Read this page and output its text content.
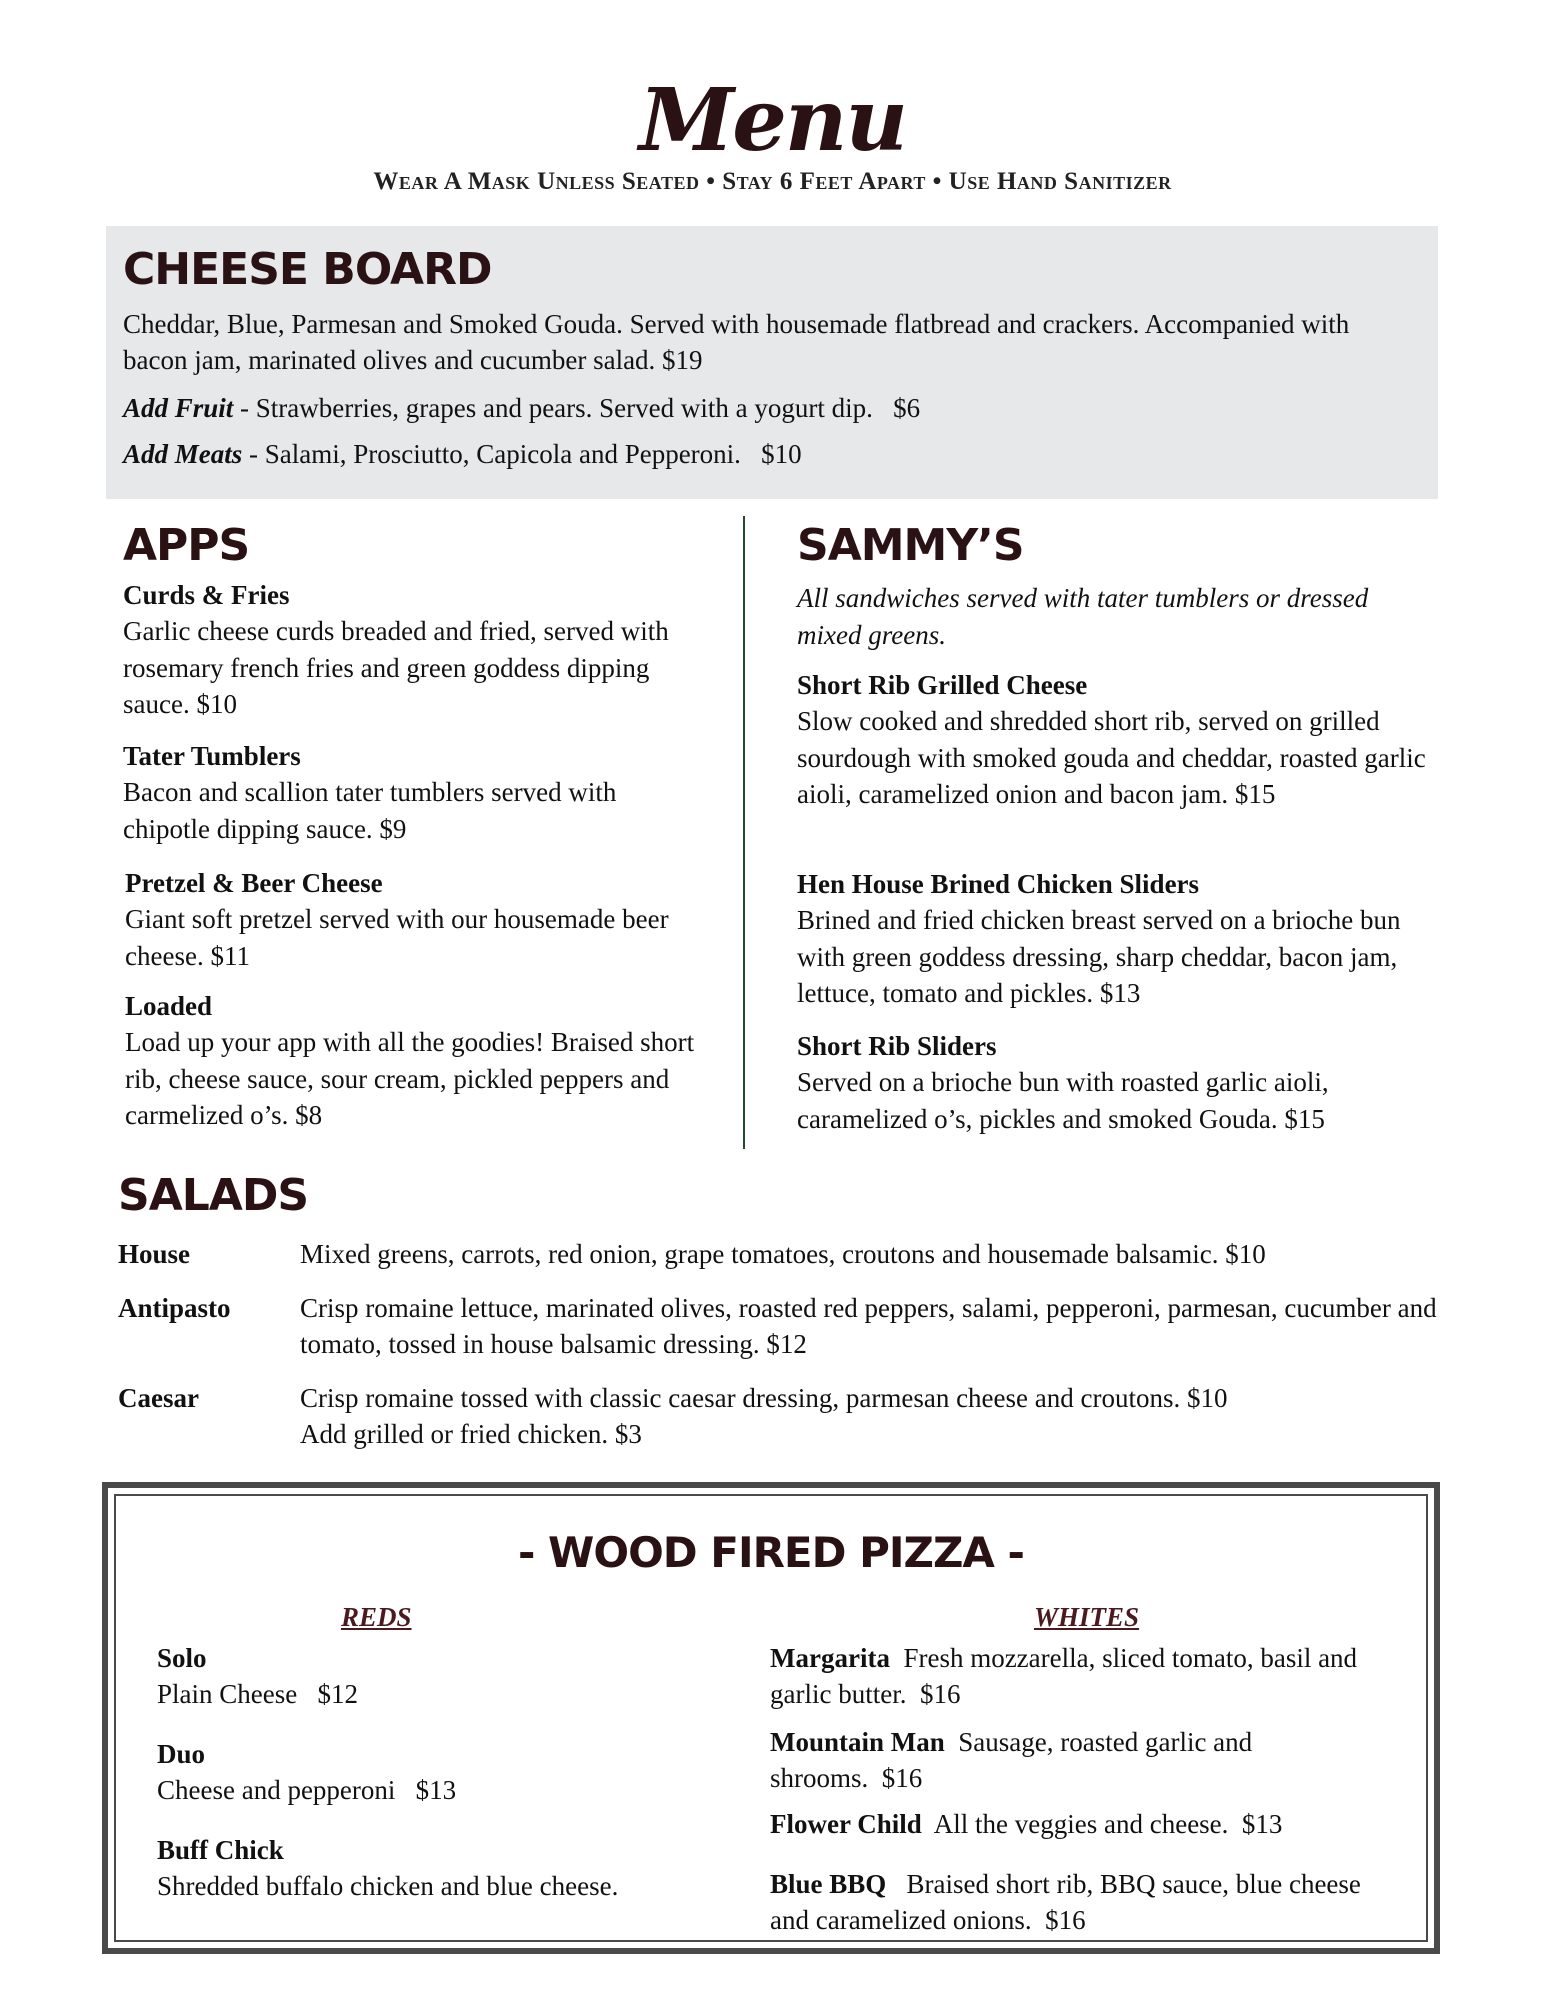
Menu
Wear A Mask Unless Seated • Stay 6 Feet Apart • Use Hand Sanitizer
CHEESE BOARD
Cheddar, Blue, Parmesan and Smoked Gouda. Served with housemade flatbread and crackers. Accompanied with bacon jam, marinated olives and cucumber salad. $19
Add Fruit - Strawberries, grapes and pears. Served with a yogurt dip.   $6
Add Meats - Salami, Prosciutto, Capicola and Pepperoni.   $10
APPS
Curds & Fries
Garlic cheese curds breaded and fried, served with rosemary french fries and green goddess dipping sauce. $10
Tater Tumblers
Bacon and scallion tater tumblers served with chipotle dipping sauce. $9
Pretzel & Beer Cheese
Giant soft pretzel served with our housemade beer cheese. $11
Loaded
Load up your app with all the goodies! Braised short rib, cheese sauce, sour cream, pickled peppers and carmelized o’s. $8
SAMMY’S
All sandwiches served with tater tumblers or dressed mixed greens.
Short Rib Grilled Cheese
Slow cooked and shredded short rib, served on grilled sourdough with smoked gouda and cheddar, roasted garlic aioli, caramelized onion and bacon jam. $15
Hen House Brined Chicken Sliders
Brined and fried chicken breast served on a brioche bun with green goddess dressing, sharp cheddar, bacon jam, lettuce, tomato and pickles. $13
Short Rib Sliders
Served on a brioche bun with roasted garlic aioli, caramelized o’s, pickles and smoked Gouda. $15
SALADS
House	Mixed greens, carrots, red onion, grape tomatoes, croutons and housemade balsamic. $10
Antipasto	Crisp romaine lettuce, marinated olives, roasted red peppers, salami, pepperoni, parmesan, cucumber and tomato, tossed in house balsamic dressing. $12
Caesar	Crisp romaine tossed with classic caesar dressing, parmesan cheese and croutons. $10
Add grilled or fried chicken. $3
- WOOD FIRED PIZZA -
REDS	WHITES
Solo
Plain Cheese   $12
Duo
Cheese and pepperoni   $13
Buff Chick
Shredded buffalo chicken and blue cheese.
Margarita  Fresh mozzarella, sliced tomato, basil and garlic butter.  $16
Mountain Man  Sausage, roasted garlic and shrooms.  $16
Flower Child  All the veggies and cheese.  $13
Blue BBQ   Braised short rib, BBQ sauce, blue cheese and caramelized onions.  $16
